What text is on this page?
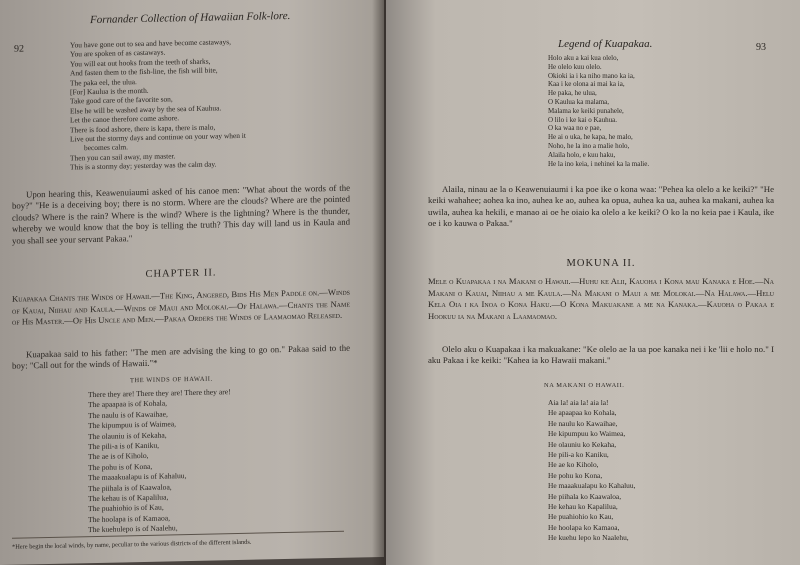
92
Fornander Collection of Hawaiian Folk-lore.
You have gone out to sea and have become castaways,
You are spoken of as castaways.
You will eat out hooks from the teeth of sharks,
And fasten them to the fish-line, the fish will bite,
The paka eel, the ulua.
[For] Kaulua is the month.
Take good care of the favorite son,
Else he will be washed away by the sea of Kauhua.
Let the canoe therefore come ashore.
There is food ashore, there is kapa, there is malo,
Live out the stormy days and continue on your way when it
becomes calm.
Then you can sail away, my master.
This is a stormy day; yesterday was the calm day.
Upon hearing this, Keawenuiaumi asked of his canoe men: "What about the words of the boy?" "He is a deceiving boy; there is no storm. Where are the clouds? Where are the pointed clouds? Where is the rain? Where is the wind? Where is the lightning? Where is the thunder, whereby we would know that the boy is telling the truth? This day will land us in Kaula and you shall see your servant Pakaa."
CHAPTER II.
Kuapakaa Chants the Winds of Hawaii.—The King, Angered, Bids His Men Paddle on.—Winds of Kauai, Niihau and Kaula.—Winds of Maui and Molokai.—Of Halawa.—Chants the Name of His Master.—Of His Uncle and Men.—Pakaa Orders the Winds of Laamaomao Released.
Kuapakaa said to his father: "The men are advising the king to go on." Pakaa said to the boy: "Call out for the winds of Hawaii."*
THE WINDS OF HAWAII.
There they are! There they are! There they are!
The apaapaa is of Kohala,
The naulu is of Kawaihae,
The kipumpuu is of Waimea,
The olauniu is of Kekaha,
The pili-a is of Kaniku,
The ae is of Kiholo,
The pohu is of Kona,
The maaakualapu is of Kahaluu,
The piihala is of Kaawaloa,
The kehau is of Kapalilua,
The puahiohio is of Kau,
The hoolapa is of Kamaoa,
The kuehulepo is of Naalehu,
*Here begin the local winds, by name, peculiar to the various districts of the different islands.
Legend of Kuapakaa.	93
Holo aku a kai kua olelo,
He olelo kuu olelo.
Okioki ia i ka niho mano ka ia,
Kaa i ke olona ai mai ka ia,
He paka, he ulua,
O Kaulua ka malama,
Malama ke keiki punahele,
O lilo i ke kai o Kauhua.
O ka waa no e pae,
He ai o uka, he kapa, he malo,
Noho, he la ino a malie holo,
Alaila holo, e kuu haku,
He la ino keia, i nehinei ka la malie.
Alaila, ninau ae la o Keawenuiaumi i ka poe ike o kona waa: "Pehea ka olelo a ke keiki?" "He keiki wahahee; aohea ka ino, auhea ke ao, auhea ka opua, auhea ka ua, auhea ka makani, auhea ka uwila, auhea ka hekili, e manao ai oe he oiaio ka olelo a ke keiki? O ko la no keia pae i Kaula, ike oe i ko kauwa o Pakaa."
MOKUNA II.
Mele o Kuapakaa i na Makani o Hawaii.—Huhu ke Alii, Kauoha i Kona mau Kanaka e Hoe.—Na Makani o Kauai, Niihau a me Kaula.—Na Makani o Maui a me Molokai.—Na Halawa.—Helu Kela Oia i ka Inoa o Kona Haku.—O Kona Makuakane a me na Kanaka.—Kauoha o Pakaa e Hookuu ia na Makani a Laamaomao.
Olelo aku o Kuapakaa i ka makuakane: "Ke olelo ae la ua poe kanaka nei i ke 'lii e holo no." I aku Pakaa i ke keiki: "Kahea ia ko Hawaii makani."
NA MAKANI O HAWAII.
Aia la! aia la! aia la!
He apaapaa ko Kohala,
He naulu ko Kawaihae,
He kipumpuu ko Waimea,
He olauniu ko Kekaha,
He pili-a ko Kaniku,
He ae ko Kiholo,
He pohu ko Kona,
He maaakualapu ko Kahaluu,
He piihala ko Kaawaloa,
He kehau ko Kapalilua,
He puahiohio ko Kau,
He hoolapa ko Kamaoa,
He kuehu lepo ko Naalehu,
